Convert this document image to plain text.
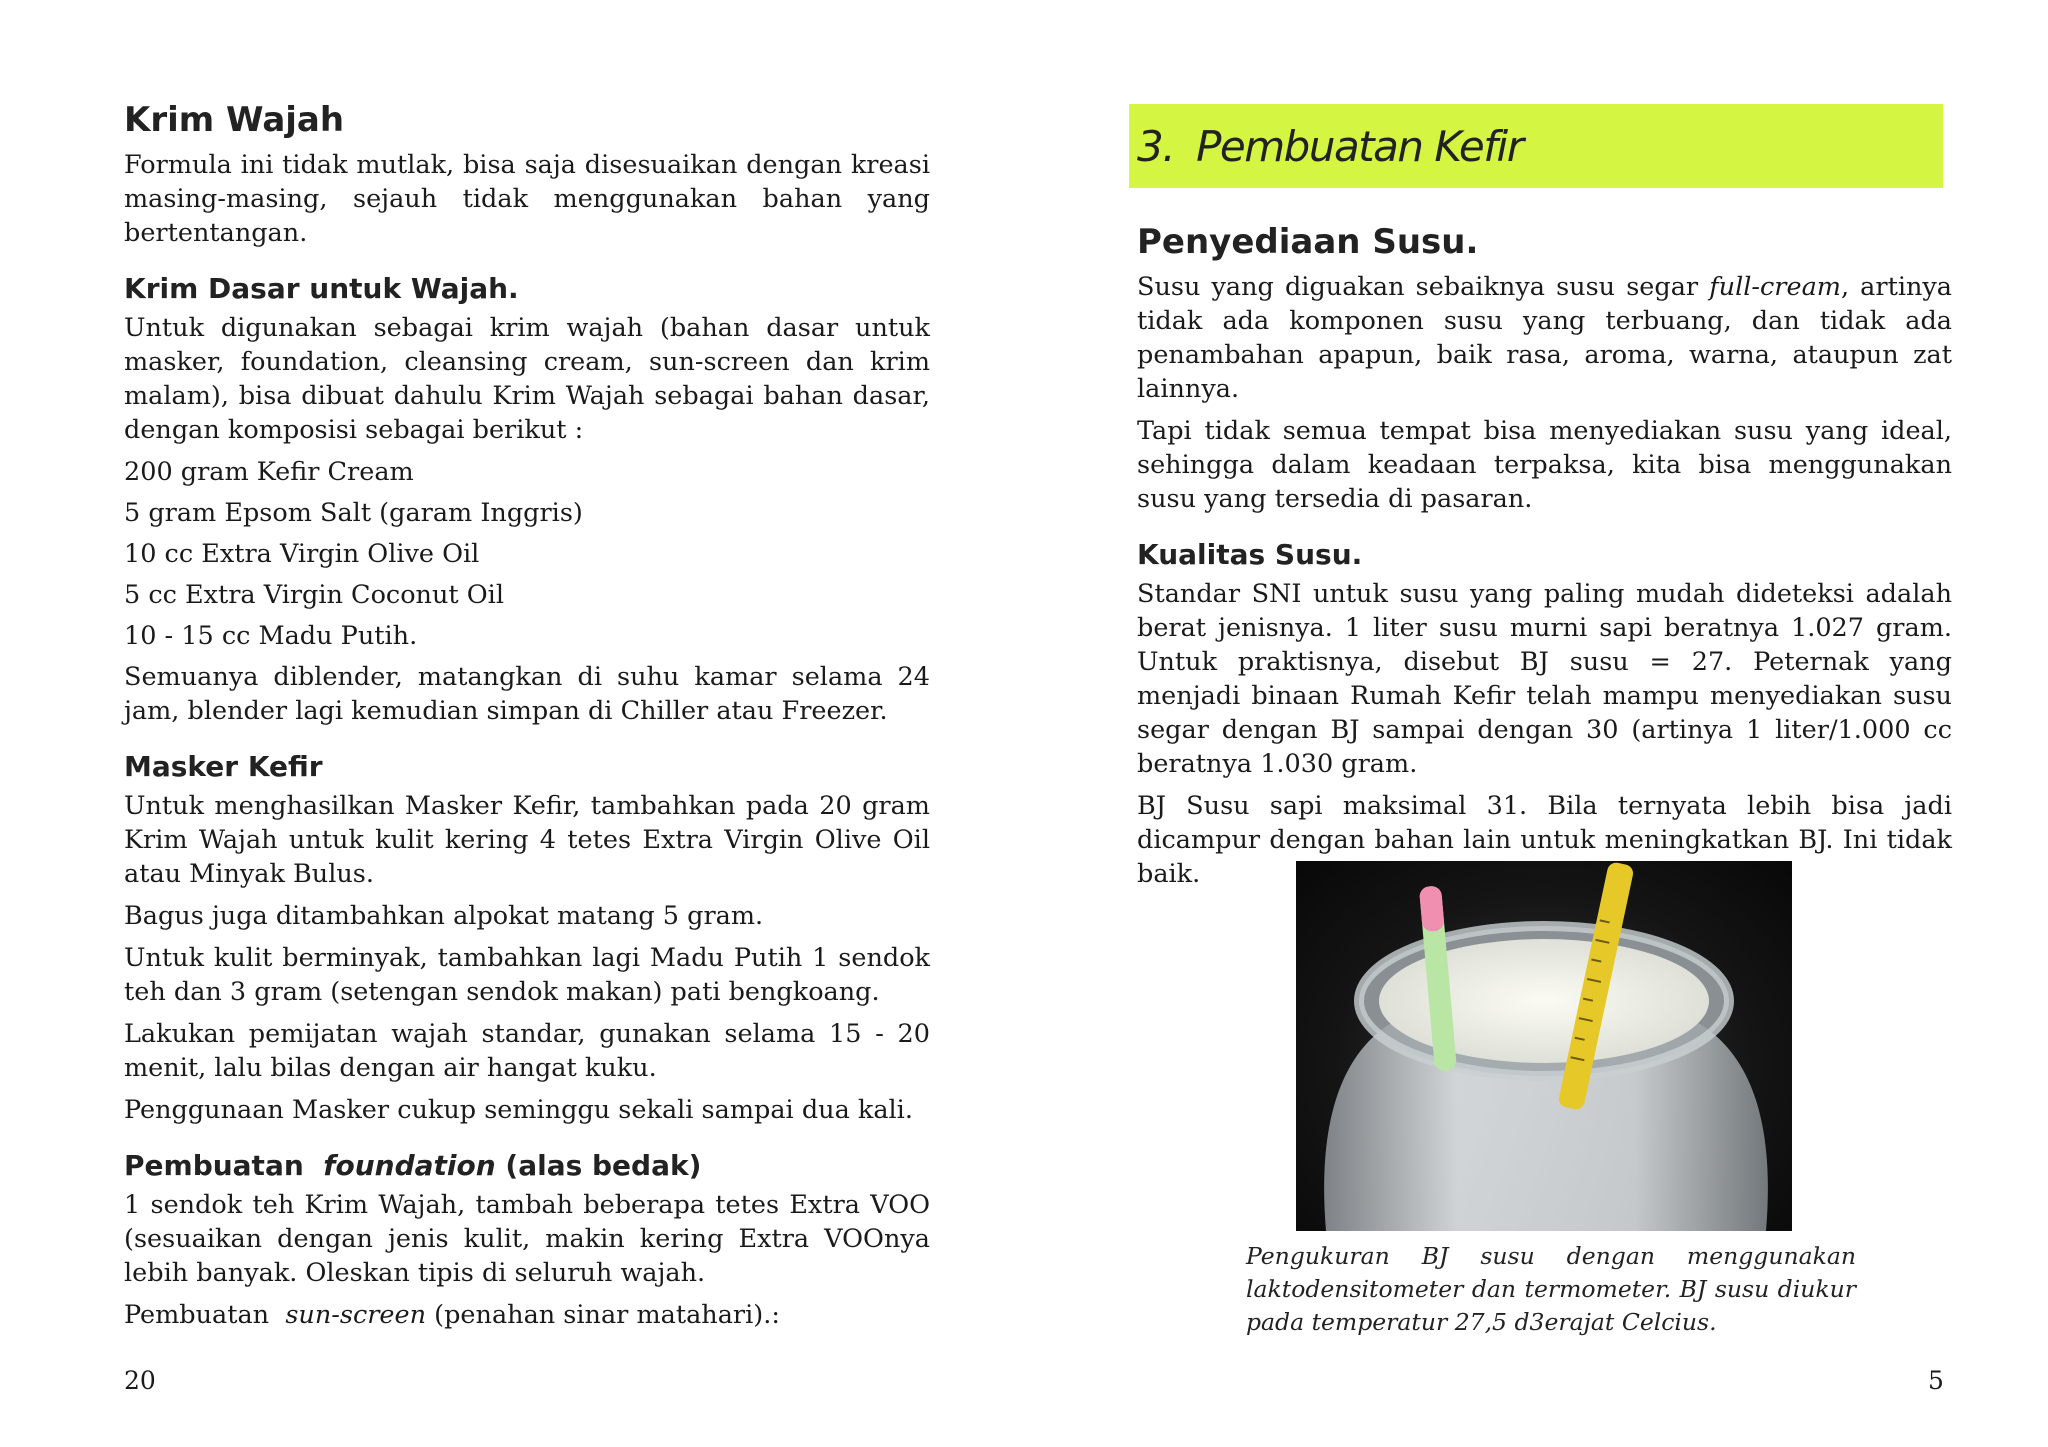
Krim Wajah

Formula ini tidak mutlak, bisa saja disesuaikan dengan kreasi masing-masing, sejauh tidak menggunakan bahan yang bertentangan.

Krim Dasar untuk Wajah.

Untuk digunakan sebagai krim wajah (bahan dasar untuk masker, foundation, cleansing cream, sun-screen dan krim malam), bisa dibuat dahulu Krim Wajah sebagai bahan dasar, dengan komposisi sebagai berikut :

200 gram Kefir Cream

5 gram Epsom Salt (garam Inggris)

10 cc Extra Virgin Olive Oil

5 cc Extra Virgin Coconut Oil

10 - 15 cc Madu Putih.

Semuanya diblender, matangkan di suhu kamar selama 24 jam, blender lagi kemudian simpan di Chiller atau Freezer.

Masker Kefir

Untuk menghasilkan Masker Kefir, tambahkan pada 20 gram Krim Wajah untuk kulit kering 4 tetes Extra Virgin Olive Oil atau Minyak Bulus.

Bagus juga ditambahkan alpokat matang 5 gram.

Untuk kulit berminyak, tambahkan lagi Madu Putih 1 sendok teh dan 3 gram (setengan sendok makan) pati bengkoang.

Lakukan pemijatan wajah standar, gunakan selama 15 - 20 menit, lalu bilas dengan air hangat kuku.

Penggunaan Masker cukup seminggu sekali sampai dua kali.

Pembuatan foundation (alas bedak)

1 sendok teh Krim Wajah, tambah beberapa tetes Extra VOO (sesuaikan dengan jenis kulit, makin kering Extra VOOnya lebih banyak. Oleskan tipis di seluruh wajah.

Pembuatan sun-screen (penahan sinar matahari).:

20
3. Pembuatan Kefir
Penyediaan Susu.

Susu yang diguakan sebaiknya susu segar full-cream, artinya tidak ada komponen susu yang terbuang, dan tidak ada penambahan apapun, baik rasa, aroma, warna, ataupun zat lainnya.

Tapi tidak semua tempat bisa menyediakan susu yang ideal, sehingga dalam keadaan terpaksa, kita bisa menggunakan susu yang tersedia di pasaran.

Kualitas Susu.

Standar SNI untuk susu yang paling mudah dideteksi adalah berat jenisnya. 1 liter susu murni sapi beratnya 1.027 gram. Untuk praktisnya, disebut BJ susu = 27. Peternak yang menjadi binaan Rumah Kefir telah mampu menyediakan susu segar dengan BJ sampai dengan 30 (artinya 1 liter/1.000 cc beratnya 1.030 gram.

BJ Susu sapi maksimal 31. Bila ternyata lebih bisa jadi dicampur dengan bahan lain untuk meningkatkan BJ. Ini tidak baik.

Pengukuran BJ susu dengan menggunakan laktodensitometer dan termometer. BJ susu diukur pada temperatur 27,5 d3erajat Celcius.
5
